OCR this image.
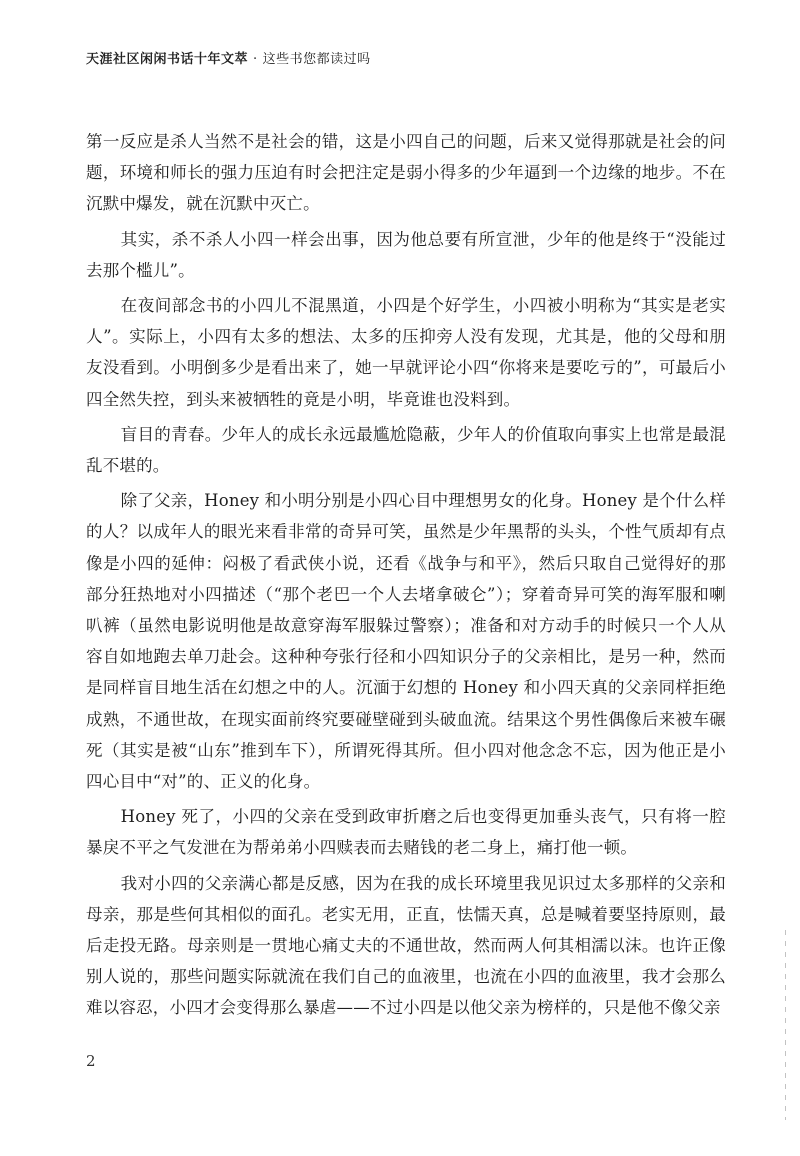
天涯社区闲闲书话十年文萃 · 这些书您都读过吗

第一反应是杀人当然不是社会的错，这是小四自己的问题，后来又觉得那就是社会的问题，环境和师长的强力压迫有时会把注定是弱小得多的少年逼到一个边缘的地步。不在沉默中爆发，就在沉默中灭亡。

其实，杀不杀人小四一样会出事，因为他总要有所宣泄，少年的他是终于“没能过去那个槛儿”。

在夜间部念书的小四儿不混黑道，小四是个好学生，小四被小明称为“其实是老实人”。实际上，小四有太多的想法、太多的压抑旁人没有发现，尤其是，他的父母和朋友没看到。小明倒多少是看出来了，她一早就评论小四“你将来是要吃亏的”，可最后小四全然失控，到头来被牺牲的竟是小明，毕竟谁也没料到。

盲目的青春。少年人的成长永远最尴尬隐蔽，少年人的价值取向事实上也常是最混乱不堪的。

除了父亲，Honey 和小明分别是小四心目中理想男女的化身。Honey 是个什么样的人？以成年人的眼光来看非常的奇异可笑，虽然是少年黑帮的头头，个性气质却有点像是小四的延伸：闷极了看武侠小说，还看《战争与和平》，然后只取自己觉得好的那部分狂热地对小四描述（“那个老巴一个人去堵拿破仑”）；穿着奇异可笑的海军服和喇叭裤（虽然电影说明他是故意穿海军服躲过警察）；准备和对方动手的时候只一个人从容自如地跑去单刀赴会。这种种夸张行径和小四知识分子的父亲相比，是另一种，然而是同样盲目地生活在幻想之中的人。沉湎于幻想的 Honey 和小四天真的父亲同样拒绝成熟，不通世故，在现实面前终究要碰壁碰到头破血流。结果这个男性偶像后来被车碾死（其实是被“山东”推到车下），所谓死得其所。但小四对他念念不忘，因为他正是小四心目中“对”的、正义的化身。

Honey 死了，小四的父亲在受到政审折磨之后也变得更加垂头丧气，只有将一腔暴戾不平之气发泄在为帮弟弟小四赎表而去赌钱的老二身上，痛打他一顿。

我对小四的父亲满心都是反感，因为在我的成长环境里我见识过太多那样的父亲和母亲，那是些何其相似的面孔。老实无用，正直，怯懦天真，总是喊着要坚持原则，最后走投无路。母亲则是一贯地心痛丈夫的不通世故，然而两人何其相濡以沫。也许正像别人说的，那些问题实际就流在我们自己的血液里，也流在小四的血液里，我才会那么难以容忍，小四才会变得那么暴虐——不过小四是以他父亲为榜样的，只是他不像父亲

2
